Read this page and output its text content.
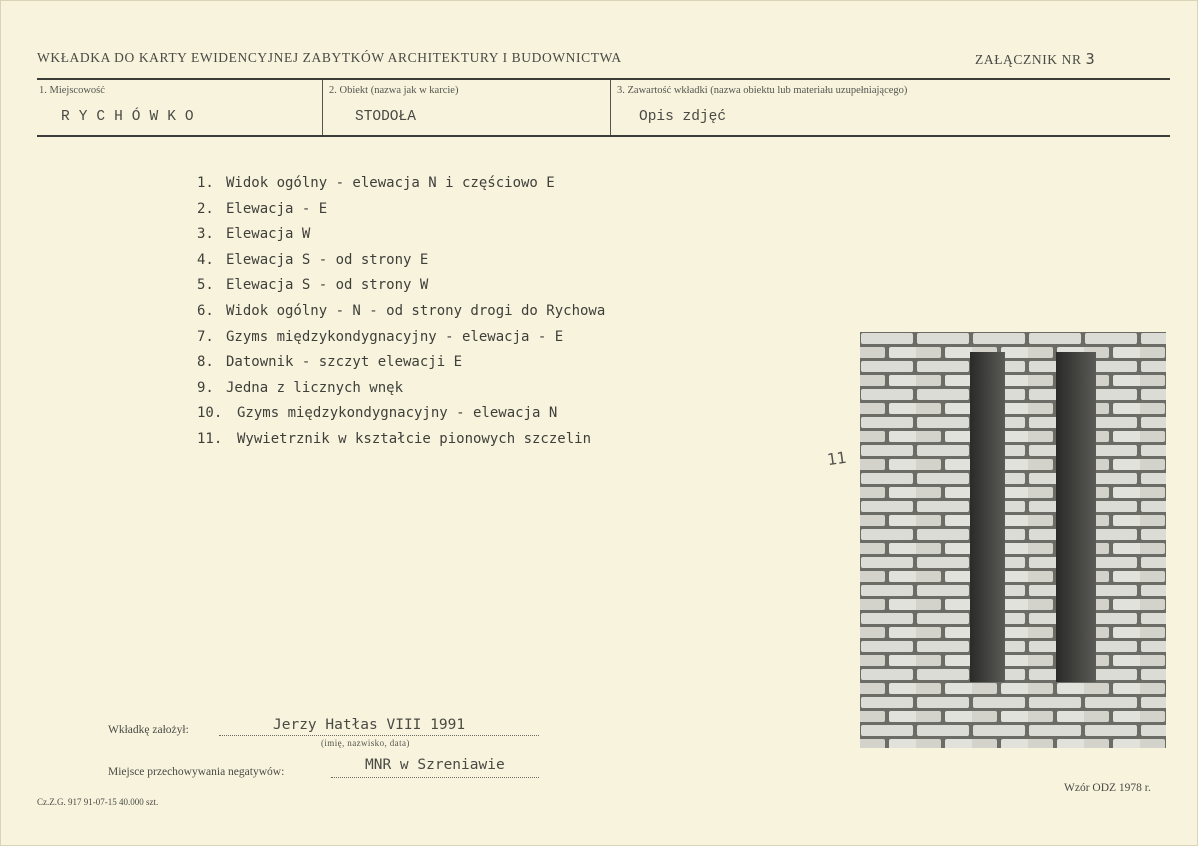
WKŁADKA DO KARTY EWIDENCYJNEJ ZABYTKÓW ARCHITEKTURY I BUDOWNICTWA	ZAŁĄCZNIK NR 3
1. Miejscowość
RYCHÓWKO
2. Obiekt (nazwa jak w karcie)
STODOŁA
3. Zawartość wkładki (nazwa obiektu lub materiału uzupełniającego)
Opis zdjęć
1. Widok ogólny - elewacja N i częściowo E
2. Elewacja - E
3. Elewacja W
4. Elewacja S - od strony E
5. Elewacja S - od strony W
6. Widok ogólny - N - od strony drogi do Rychowa
7. Gzyms międzykondygnacyjny - elewacja - E
8. Datownik - szczyt elewacji E
9. Jedna z licznych wnęk
10. Gzyms międzykondygnacyjny - elewacja N
11. Wywietrznik w kształcie pionowych szczelin
11
Wkładkę założył:	Jerzy Hatłas VIII 1991
(imię, nazwisko, data)
Miejsce przechowywania negatywów:	MNR w Szreniawie
Cz.Z.G. 917 91-07-15 40.000 szt.
Wzór ODZ 1978 r.
